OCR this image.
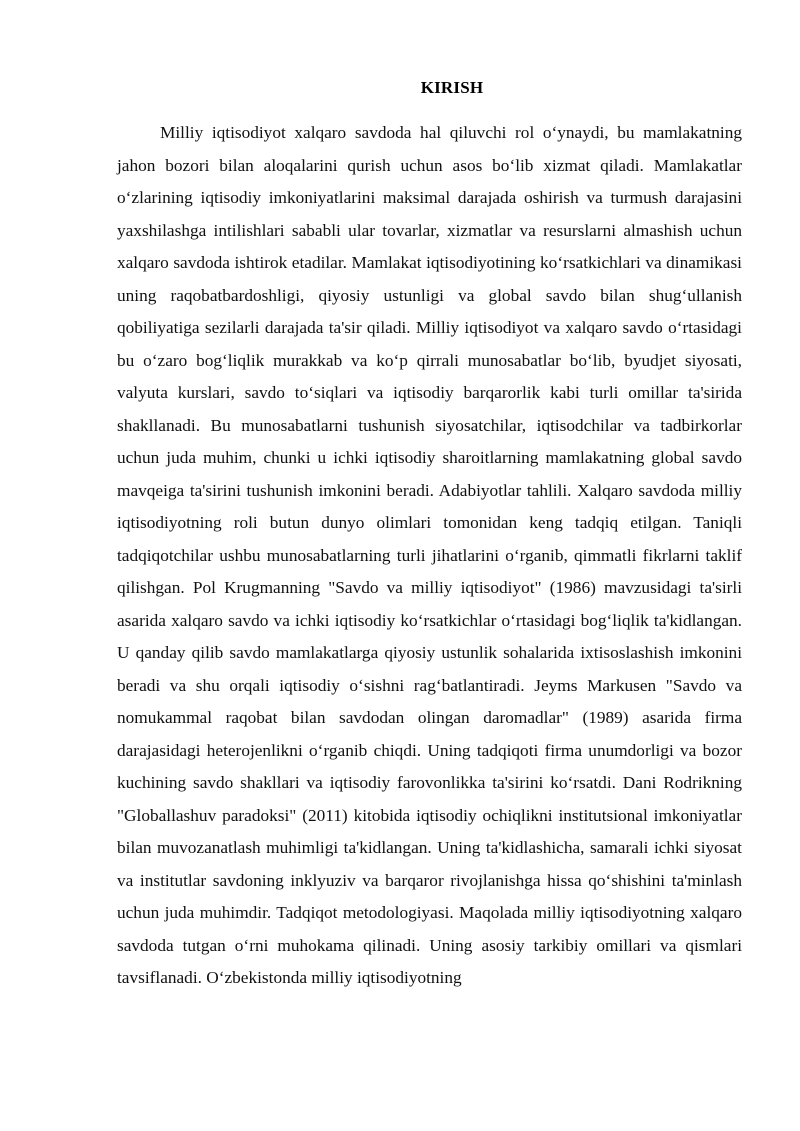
KIRISH

Milliy iqtisodiyot xalqaro savdoda hal qiluvchi rol o‘ynaydi, bu mamlakatning jahon bozori bilan aloqalarini qurish uchun asos bo‘lib xizmat qiladi. Mamlakatlar o‘zlarining iqtisodiy imkoniyatlarini maksimal darajada oshirish va turmush darajasini yaxshilashga intilishlari sababli ular tovarlar, xizmatlar va resurslarni almashish uchun xalqaro savdoda ishtirok etadilar. Mamlakat iqtisodiyotining ko‘rsatkichlari va dinamikasi uning raqobatbardoshligi, qiyosiy ustunligi va global savdo bilan shug‘ullanish qobiliyatiga sezilarli darajada ta'sir qiladi. Milliy iqtisodiyot va xalqaro savdo o‘rtasidagi bu o‘zaro bog‘liqlik murakkab va ko‘p qirrali munosabatlar bo‘lib, byudjet siyosati, valyuta kurslari, savdo to‘siqlari va iqtisodiy barqarorlik kabi turli omillar ta'sirida shakllanadi. Bu munosabatlarni tushunish siyosatchilar, iqtisodchilar va tadbirkorlar uchun juda muhim, chunki u ichki iqtisodiy sharoitlarning mamlakatning global savdo mavqeiga ta'sirini tushunish imkonini beradi. Adabiyotlar tahlili. Xalqaro savdoda milliy iqtisodiyotning roli butun dunyo olimlari tomonidan keng tadqiq etilgan. Taniqli tadqiqotchilar ushbu munosabatlarning turli jihatlarini o‘rganib, qimmatli fikrlarni taklif qilishgan. Pol Krugmanning "Savdo va milliy iqtisodiyot" (1986) mavzusidagi ta'sirli asarida xalqaro savdo va ichki iqtisodiy ko‘rsatkichlar o‘rtasidagi bog‘liqlik ta'kidlangan. U qanday qilib savdo mamlakatlarga qiyosiy ustunlik sohalarida ixtisoslashish imkonini beradi va shu orqali iqtisodiy o‘sishni rag‘batlantiradi. Jeyms Markusen "Savdo va nomukammal raqobat bilan savdodan olingan daromadlar" (1989) asarida firma darajasidagi heterojenlikni o‘rganib chiqdi. Uning tadqiqoti firma unumdorligi va bozor kuchining savdo shakllari va iqtisodiy farovonlikka ta'sirini ko‘rsatdi. Dani Rodrikning "Globallashuv paradoksi" (2011) kitobida iqtisodiy ochiqlikni institutsional imkoniyatlar bilan muvozanatlash muhimligi ta'kidlangan. Uning ta'kidlashicha, samarali ichki siyosat va institutlar savdoning inklyuziv va barqaror rivojlanishga hissa qo‘shishini ta'minlash uchun juda muhimdir. Tadqiqot metodologiyasi. Maqolada milliy iqtisodiyotning xalqaro savdoda tutgan o‘rni muhokama qilinadi. Uning asosiy tarkibiy omillari va qismlari tavsiflanadi. O‘zbekistonda milliy iqtisodiyotning
